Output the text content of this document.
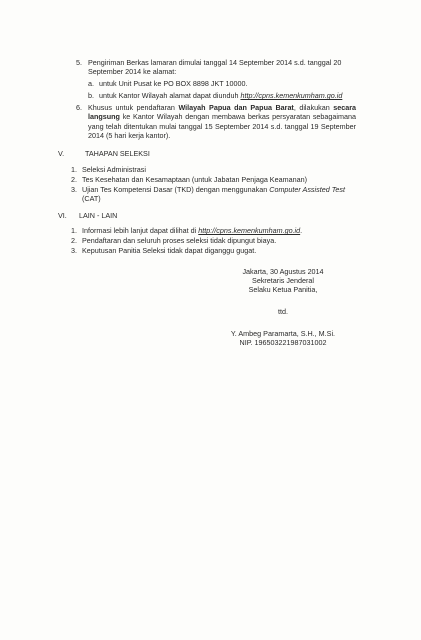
5. Pengiriman Berkas lamaran dimulai tanggal 14 September 2014 s.d. tanggal 20
September 2014 ke alamat:
a. untuk Unit Pusat ke PO BOX 8898 JKT 10000.
b. untuk Kantor Wilayah alamat dapat diunduh http://cpns.kemenkumham.go.id
6. Khusus untuk pendaftaran Wilayah Papua dan Papua Barat, dilakukan secara langsung ke Kantor Wilayah dengan membawa berkas persyaratan sebagaimana yang telah ditentukan mulai tanggal 15 September 2014 s.d. tanggal 19 September 2014 (5 hari kerja kantor).
V.	TAHAPAN SELEKSI
1. Seleksi Administrasi
2. Tes Kesehatan dan Kesamaptaan (untuk Jabatan Penjaga Keamanan)
3. Ujian Tes Kompetensi Dasar (TKD) dengan menggunakan Computer Assisted Test
(CAT)
VI. LAIN - LAIN
1. Informasi lebih lanjut dapat dilihat di http://cpns.kemenkumham.go.id.
2. Pendaftaran dan seluruh proses seleksi tidak dipungut biaya.
3. Keputusan Panitia Seleksi tidak dapat diganggu gugat.
Jakarta, 30 Agustus 2014
Sekretaris Jenderal
Selaku Ketua Panitia,
ttd.
Y. Ambeg Paramarta, S.H., M.Si.
NIP. 196503221987031002
